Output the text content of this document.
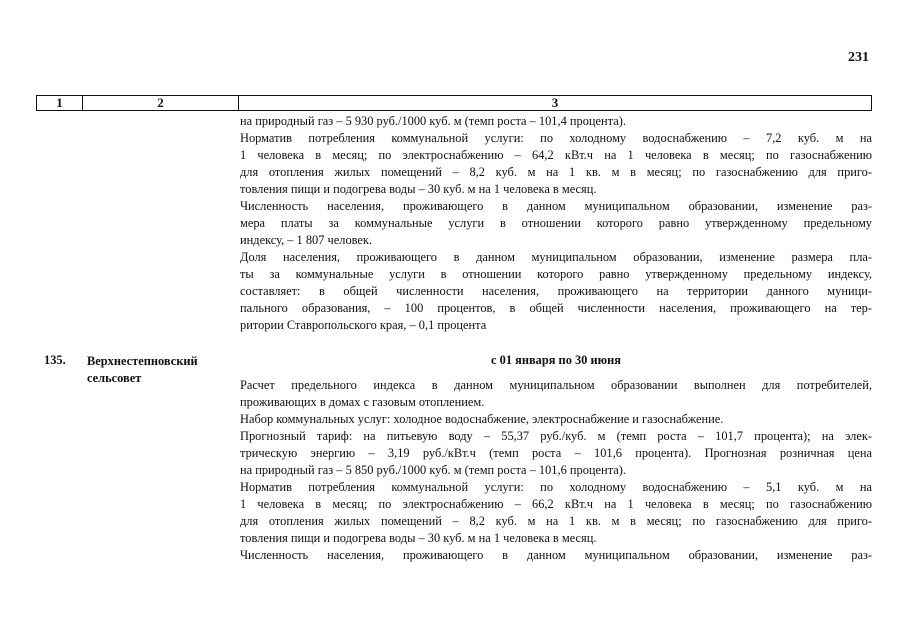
231
1	2	3
на природный газ – 5 930 руб./1000 куб. м (темп роста – 101,4 процента).
Норматив потребления коммунальной услуги: по холодному водоснабжению – 7,2 куб. м на
1 человека в месяц; по электроснабжению – 64,2 кВт.ч на 1 человека в месяц; по газоснабжению
для отопления жилых помещений – 8,2 куб. м на 1 кв. м в месяц; по газоснабжению для приго-
товления пищи и подогрева воды – 30 куб. м на 1 человека в месяц.
Численность населения, проживающего в данном муниципальном образовании, изменение раз-
мера платы за коммунальные услуги в отношении которого равно утвержденному предельному
индексу, – 1 807 человек.
Доля населения, проживающего в данном муниципальном образовании, изменение размера пла-
ты за коммунальные услуги в отношении которого равно утвержденному предельному индексу,
составляет: в общей численности населения, проживающего на территории данного муници-
пального образования, – 100 процентов, в общей численности населения, проживающего на тер-
ритории Ставропольского края, – 0,1 процента
135. Верхнестепновский
сельсовет
с 01 января по 30 июня
Расчет предельного индекса в данном муниципальном образовании выполнен для потребителей,
проживающих в домах с газовым отоплением.
Набор коммунальных услуг: холодное водоснабжение, электроснабжение и газоснабжение.
Прогнозный тариф: на питьевую воду – 55,37 руб./куб. м (темп роста – 101,7 процента); на элек-
трическую энергию – 3,19 руб./кВт.ч (темп роста – 101,6 процента). Прогнозная розничная цена
на природный газ – 5 850 руб./1000 куб. м (темп роста – 101,6 процента).
Норматив потребления коммунальной услуги: по холодному водоснабжению – 5,1 куб. м на
1 человека в месяц; по электроснабжению – 66,2 кВт.ч на 1 человека в месяц; по газоснабжению
для отопления жилых помещений – 8,2 куб. м на 1 кв. м в месяц; по газоснабжению для приго-
товления пищи и подогрева воды – 30 куб. м на 1 человека в месяц.
Численность населения, проживающего в данном муниципальном образовании, изменение раз-
